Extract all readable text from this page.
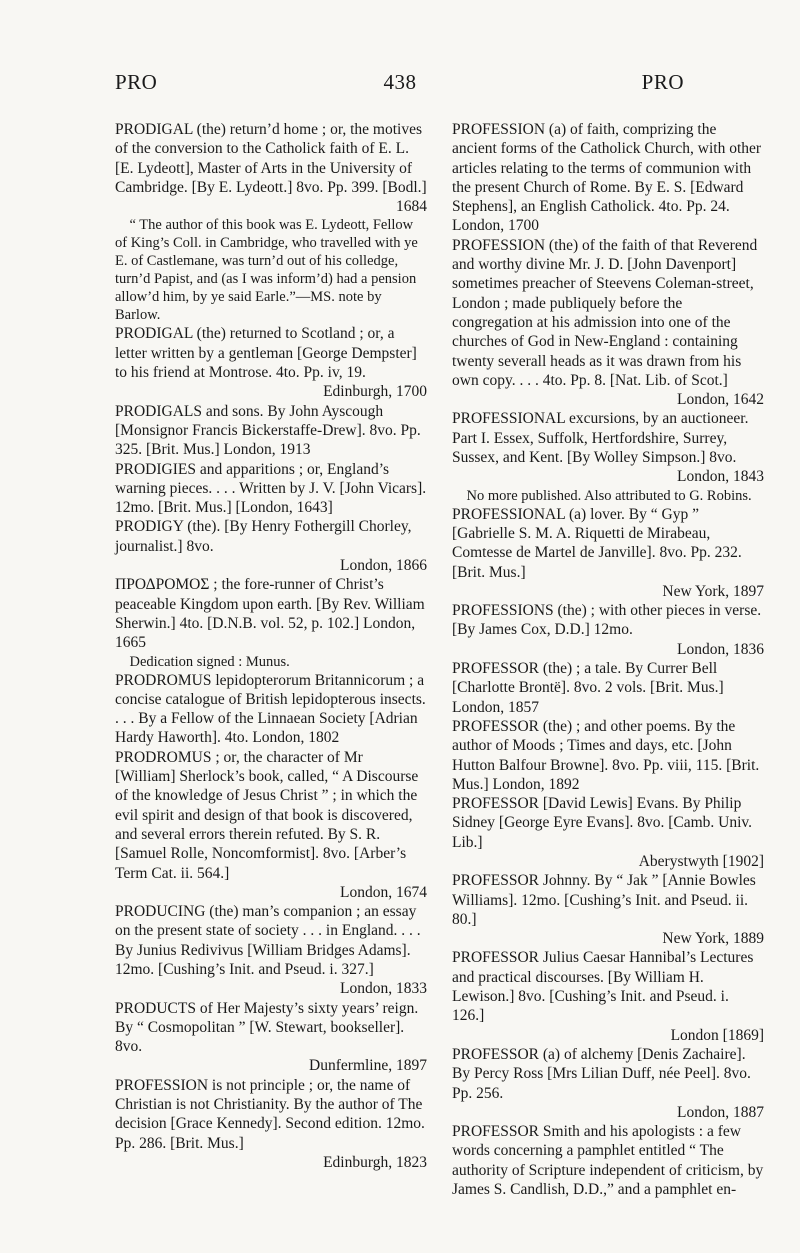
PRO	438	PRO
PRODIGAL (the) return’d home ; or, the motives of the conversion to the Catholick faith of E. L. [E. Lydeott], Master of Arts in the University of Cambridge. [By E. Lydeott.] 8vo. Pp. 399. [Bodl.]
1684
“ The author of this book was E. Lydeott, Fellow of King’s Coll. in Cambridge, who travelled with ye E. of Castlemane, was turn’d out of his colledge, turn’d Papist, and (as I was inform’d) had a pension allow’d him, by ye said Earle.”—MS. note by Barlow.
PRODIGAL (the) returned to Scotland ; or, a letter written by a gentleman [George Dempster] to his friend at Montrose. 4to. Pp. iv, 19.
Edinburgh, 1700
PRODIGALS and sons. By John Ayscough [Monsignor Francis Bickerstaffe-Drew]. 8vo. Pp. 325. [Brit. Mus.] London, 1913
PRODIGIES and apparitions ; or, England’s warning pieces. . . . Written by J. V. [John Vicars]. 12mo. [Brit. Mus.] [London, 1643]
PRODIGY (the). [By Henry Fothergill Chorley, journalist.] 8vo.
London, 1866
ΠΡΟΔΡΟΜΟΣ ; the fore-runner of Christ’s peaceable Kingdom upon earth. [By Rev. William Sherwin.] 4to. [D.N.B. vol. 52, p. 102.] London, 1665
Dedication signed : Munus.
PRODROMUS lepidopterorum Britannicorum ; a concise catalogue of British lepidopterous insects. . . . By a Fellow of the Linnaean Society [Adrian Hardy Haworth]. 4to. London, 1802
PRODROMUS ; or, the character of Mr [William] Sherlock’s book, called, “ A Discourse of the knowledge of Jesus Christ ” ; in which the evil spirit and design of that book is discovered, and several errors therein refuted. By S. R. [Samuel Rolle, Noncomformist]. 8vo. [Arber’s Term Cat. ii. 564.]
London, 1674
PRODUCING (the) man’s companion ; an essay on the present state of society . . . in England. . . . By Junius Redivivus [William Bridges Adams]. 12mo. [Cushing’s Init. and Pseud. i. 327.]
London, 1833
PRODUCTS of Her Majesty’s sixty years’ reign. By “ Cosmopolitan ” [W. Stewart, bookseller]. 8vo.
Dunfermline, 1897
PROFESSION is not principle ; or, the name of Christian is not Christianity. By the author of The decision [Grace Kennedy]. Second edition. 12mo. Pp. 286. [Brit. Mus.]
Edinburgh, 1823
PROFESSION (a) of faith, comprizing the ancient forms of the Catholick Church, with other articles relating to the terms of communion with the present Church of Rome. By E. S. [Edward Stephens], an English Catholick. 4to. Pp. 24. London, 1700
PROFESSION (the) of the faith of that Reverend and worthy divine Mr. J. D. [John Davenport] sometimes preacher of Steevens Coleman-street, London ; made publiquely before the congregation at his admission into one of the churches of God in New-England : containing twenty severall heads as it was drawn from his own copy. . . . 4to. Pp. 8. [Nat. Lib. of Scot.]
London, 1642
PROFESSIONAL excursions, by an auctioneer. Part I. Essex, Suffolk, Hertfordshire, Surrey, Sussex, and Kent. [By Wolley Simpson.] 8vo.
London, 1843
No more published. Also attributed to G. Robins.
PROFESSIONAL (a) lover. By “ Gyp ” [Gabrielle S. M. A. Riquetti de Mirabeau, Comtesse de Martel de Janville]. 8vo. Pp. 232. [Brit. Mus.]
New York, 1897
PROFESSIONS (the) ; with other pieces in verse. [By James Cox, D.D.] 12mo.
London, 1836
PROFESSOR (the) ; a tale. By Currer Bell [Charlotte Brontë]. 8vo. 2 vols. [Brit. Mus.] London, 1857
PROFESSOR (the) ; and other poems. By the author of Moods ; Times and days, etc. [John Hutton Balfour Browne]. 8vo. Pp. viii, 115. [Brit. Mus.] London, 1892
PROFESSOR [David Lewis] Evans. By Philip Sidney [George Eyre Evans]. 8vo. [Camb. Univ. Lib.]
Aberystwyth [1902]
PROFESSOR Johnny. By “ Jak ” [Annie Bowles Williams]. 12mo. [Cushing’s Init. and Pseud. ii. 80.]
New York, 1889
PROFESSOR Julius Caesar Hannibal’s Lectures and practical discourses. [By William H. Lewison.] 8vo. [Cushing’s Init. and Pseud. i. 126.]
London [1869]
PROFESSOR (a) of alchemy [Denis Zachaire]. By Percy Ross [Mrs Lilian Duff, née Peel]. 8vo. Pp. 256.
London, 1887
PROFESSOR Smith and his apologists : a few words concerning a pamphlet entitled “ The authority of Scripture independent of criticism, by James S. Candlish, D.D.,” and a pamphlet en-
